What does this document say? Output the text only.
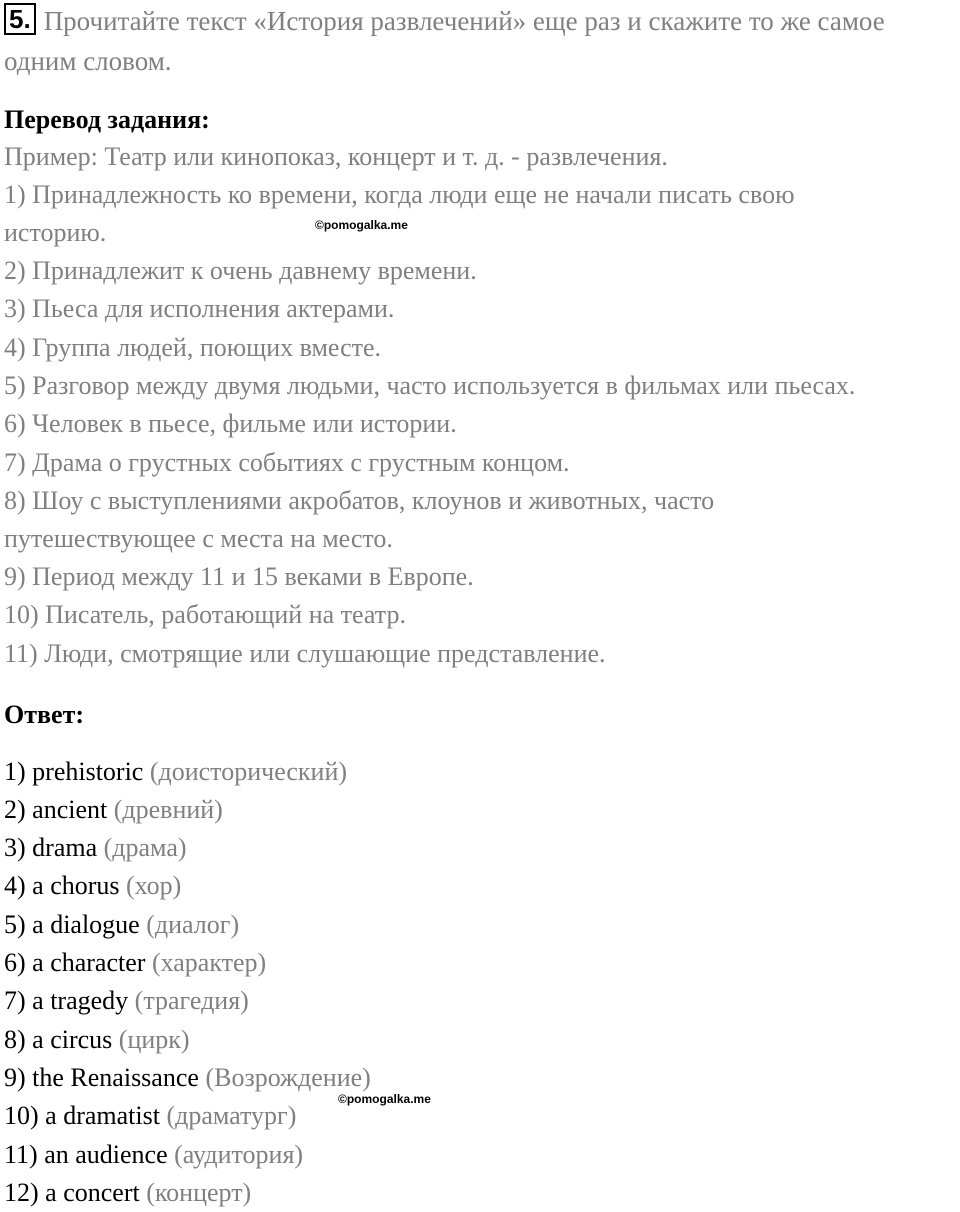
5. Прочитайте текст «История развлечений» еще раз и скажите то же самое
одним словом.
Перевод задания:
Пример: Театр или кинопоказ, концерт и т. д. - развлечения.
1) Принадлежность ко времени, когда люди еще не начали писать свою
историю.
2) Принадлежит к очень давнему времени.
3) Пьеса для исполнения актерами.
4) Группа людей, поющих вместе.
5) Разговор между двумя людьми, часто используется в фильмах или пьесах.
6) Человек в пьесе, фильме или истории.
7) Драма о грустных событиях с грустным концом.
8) Шоу с выступлениями акробатов, клоунов и животных, часто
путешествующее с места на место.
9) Период между 11 и 15 веками в Европе.
10) Писатель, работающий на театр.
11) Люди, смотрящие или слушающие представление.
Ответ:
1) prehistoric (доисторический)
2) ancient (древний)
3) drama (драма)
4) a chorus (хор)
5) a dialogue (диалог)
6) a character (характер)
7) a tragedy (трагедия)
8) a circus (цирк)
9) the Renaissance (Возрождение)
10) a dramatist (драматург)
11) an audience (аудитория)
12) a concert (концерт)
©pomogalka.me
©pomogalka.me
